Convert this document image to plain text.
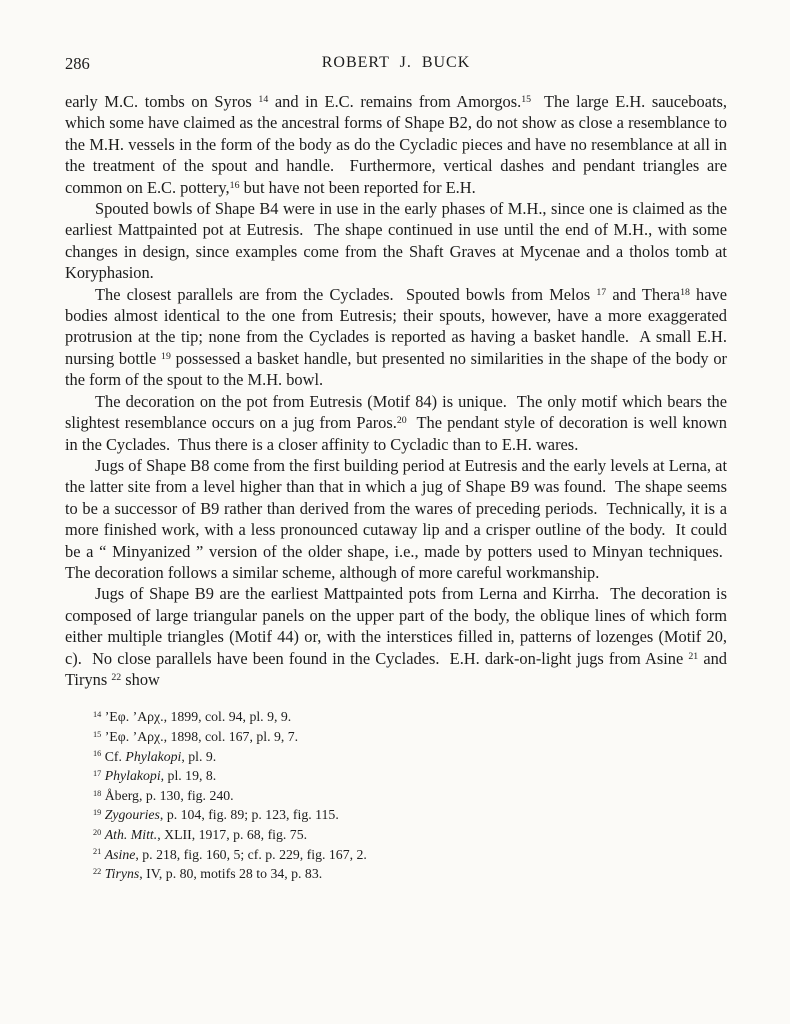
286	ROBERT J. BUCK

early M.C. tombs on Syros $^{14}$ and in E.C. remains from Amorgos.$^{15}$  The large E.H. sauceboats, which some have claimed as the ancestral forms of Shape B2, do not show as close a resemblance to the M.H. vessels in the form of the body as do the Cycladic pieces and have no resemblance at all in the treatment of the spout and handle.  Furthermore, vertical dashes and pendant triangles are common on E.C. pottery,$^{16}$ but have not been reported for E.H.

Spouted bowls of Shape B4 were in use in the early phases of M.H., since one is claimed as the earliest Mattpainted pot at Eutresis.  The shape continued in use until the end of M.H., with some changes in design, since examples come from the Shaft Graves at Mycenae and a tholos tomb at Koryphasion.

The closest parallels are from the Cyclades.  Spouted bowls from Melos $^{17}$ and Thera$^{18}$ have bodies almost identical to the one from Eutresis; their spouts, however, have a more exaggerated protrusion at the tip; none from the Cyclades is reported as having a basket handle.  A small E.H. nursing bottle $^{19}$ possessed a basket handle, but presented no similarities in the shape of the body or the form of the spout to the M.H. bowl.

The decoration on the pot from Eutresis (Motif 84) is unique.  The only motif which bears the slightest resemblance occurs on a jug from Paros.$^{20}$  The pendant style of decoration is well known in the Cyclades.  Thus there is a closer affinity to Cycladic than to E.H. wares.

Jugs of Shape B8 come from the first building period at Eutresis and the early levels at Lerna, at the latter site from a level higher than that in which a jug of Shape B9 was found.  The shape seems to be a successor of B9 rather than derived from the wares of preceding periods.  Technically, it is a more finished work, with a less pronounced cutaway lip and a crisper outline of the body.  It could be a “ Minyanized ” version of the older shape, i.e., made by potters used to Minyan techniques.  The decoration follows a similar scheme, although of more careful workmanship.

Jugs of Shape B9 are the earliest Mattpainted pots from Lerna and Kirrha.  The decoration is composed of large triangular panels on the upper part of the body, the oblique lines of which form either multiple triangles (Motif 44) or, with the interstices filled in, patterns of lozenges (Motif 20, c).  No close parallels have been found in the Cyclades.  E.H. dark-on-light jugs from Asine $^{21}$ and Tiryns $^{22}$ show

$^{14}$ ’Εφ. ’Αρχ., 1899, col. 94, pl. 9, 9.

$^{15}$ ’Εφ. ’Αρχ., 1898, col. 167, pl. 9, 7.

$^{16}$ Cf. Phylakopi, pl. 9.

$^{17}$ Phylakopi, pl. 19, 8.

$^{18}$ Åberg, p. 130, fig. 240.

$^{19}$ Zygouries, p. 104, fig. 89; p. 123, fig. 115.

$^{20}$ Ath. Mitt., XLII, 1917, p. 68, fig. 75.

$^{21}$ Asine, p. 218, fig. 160, 5; cf. p. 229, fig. 167, 2.

$^{22}$ Tiryns, IV, p. 80, motifs 28 to 34, p. 83.
